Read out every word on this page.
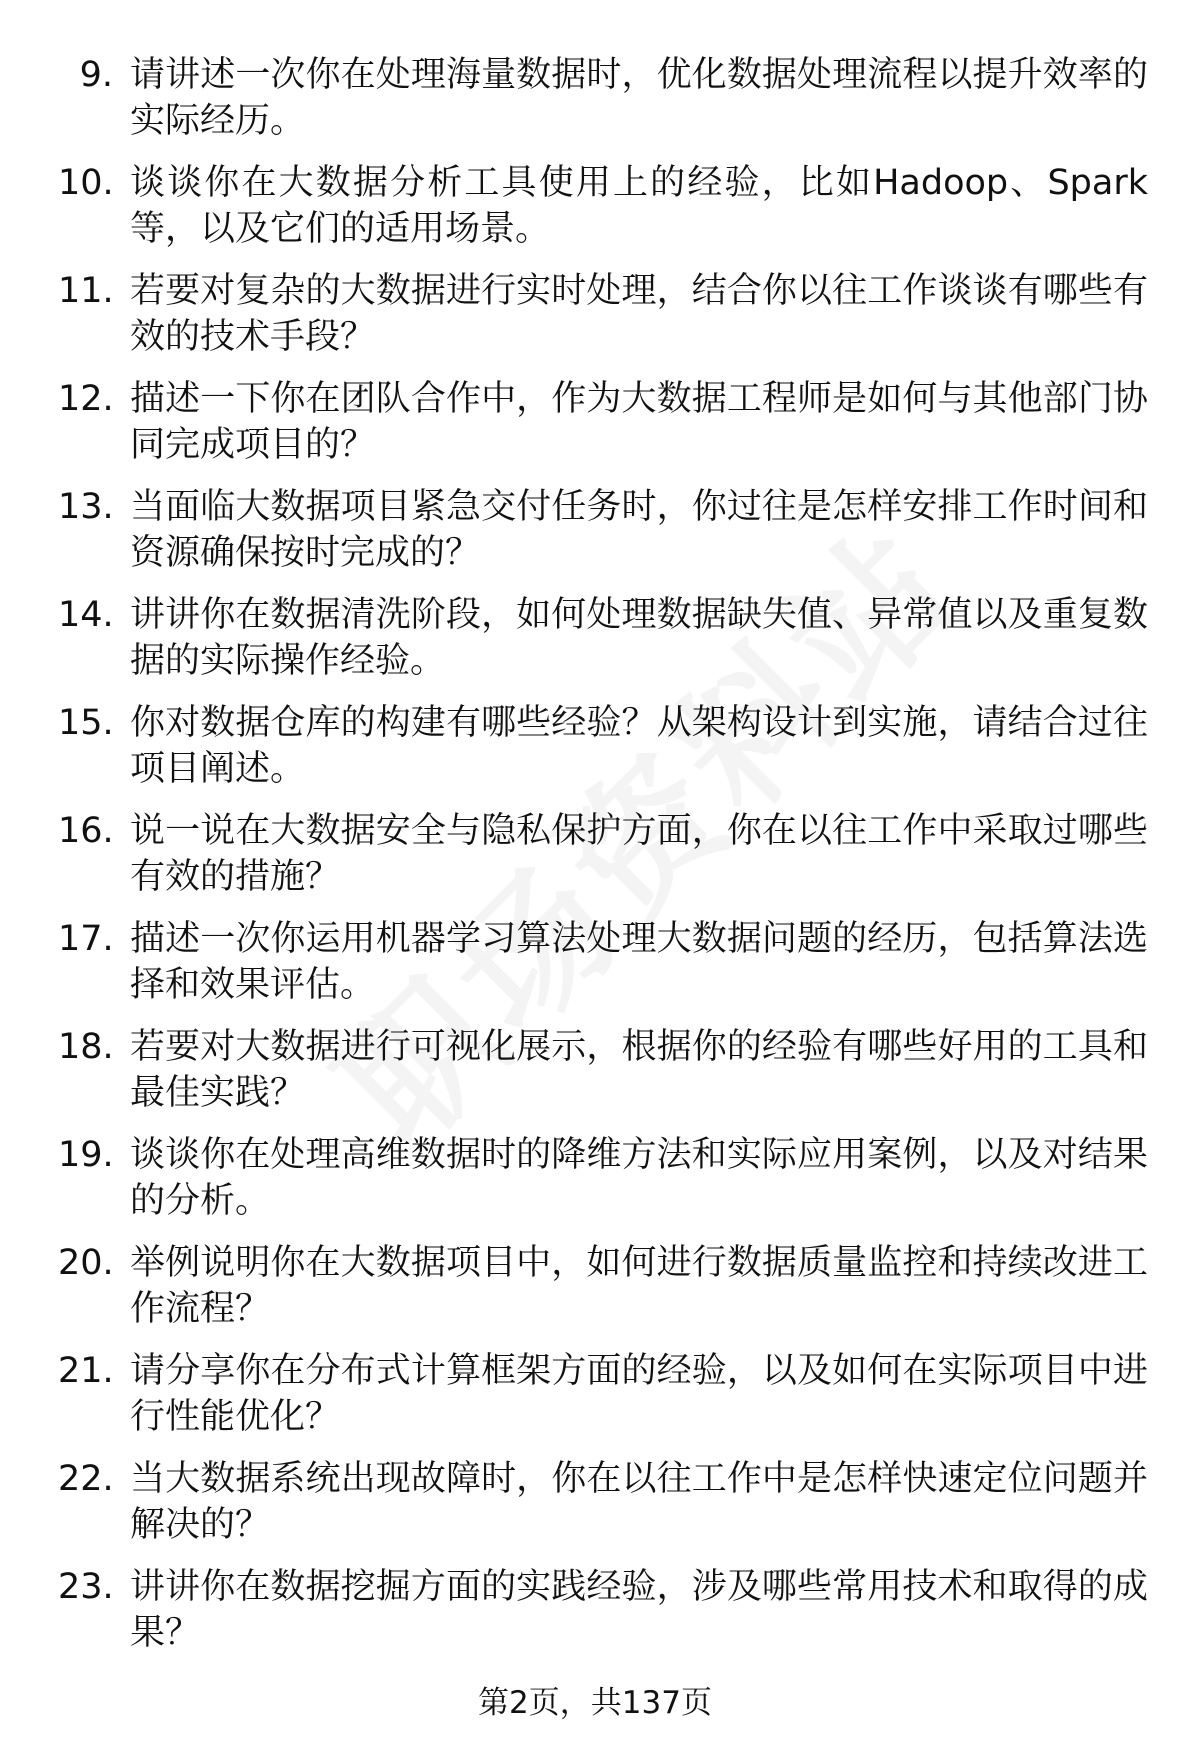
9. 请讲述一次你在处理海量数据时，优化数据处理流程以提升效率的实际经历。
10. 谈谈你在大数据分析工具使用上的经验，比如Hadoop、Spark等，以及它们的适用场景。
11. 若要对复杂的大数据进行实时处理，结合你以往工作谈谈有哪些有效的技术手段？
12. 描述一下你在团队合作中，作为大数据工程师是如何与其他部门协同完成项目的？
13. 当面临大数据项目紧急交付任务时，你过往是怎样安排工作时间和资源确保按时完成的？
14. 讲讲你在数据清洗阶段，如何处理数据缺失值、异常值以及重复数据的实际操作经验。
15. 你对数据仓库的构建有哪些经验？从架构设计到实施，请结合过往项目阐述。
16. 说一说在大数据安全与隐私保护方面，你在以往工作中采取过哪些有效的措施？
17. 描述一次你运用机器学习算法处理大数据问题的经历，包括算法选择和效果评估。
18. 若要对大数据进行可视化展示，根据你的经验有哪些好用的工具和最佳实践？
19. 谈谈你在处理高维数据时的降维方法和实际应用案例，以及对结果的分析。
20. 举例说明你在大数据项目中，如何进行数据质量监控和持续改进工作流程？
21. 请分享你在分布式计算框架方面的经验，以及如何在实际项目中进行性能优化？
22. 当大数据系统出现故障时，你在以往工作中是怎样快速定位问题并解决的？
23. 讲讲你在数据挖掘方面的实践经验，涉及哪些常用技术和取得的成果？
第2页，共137页
